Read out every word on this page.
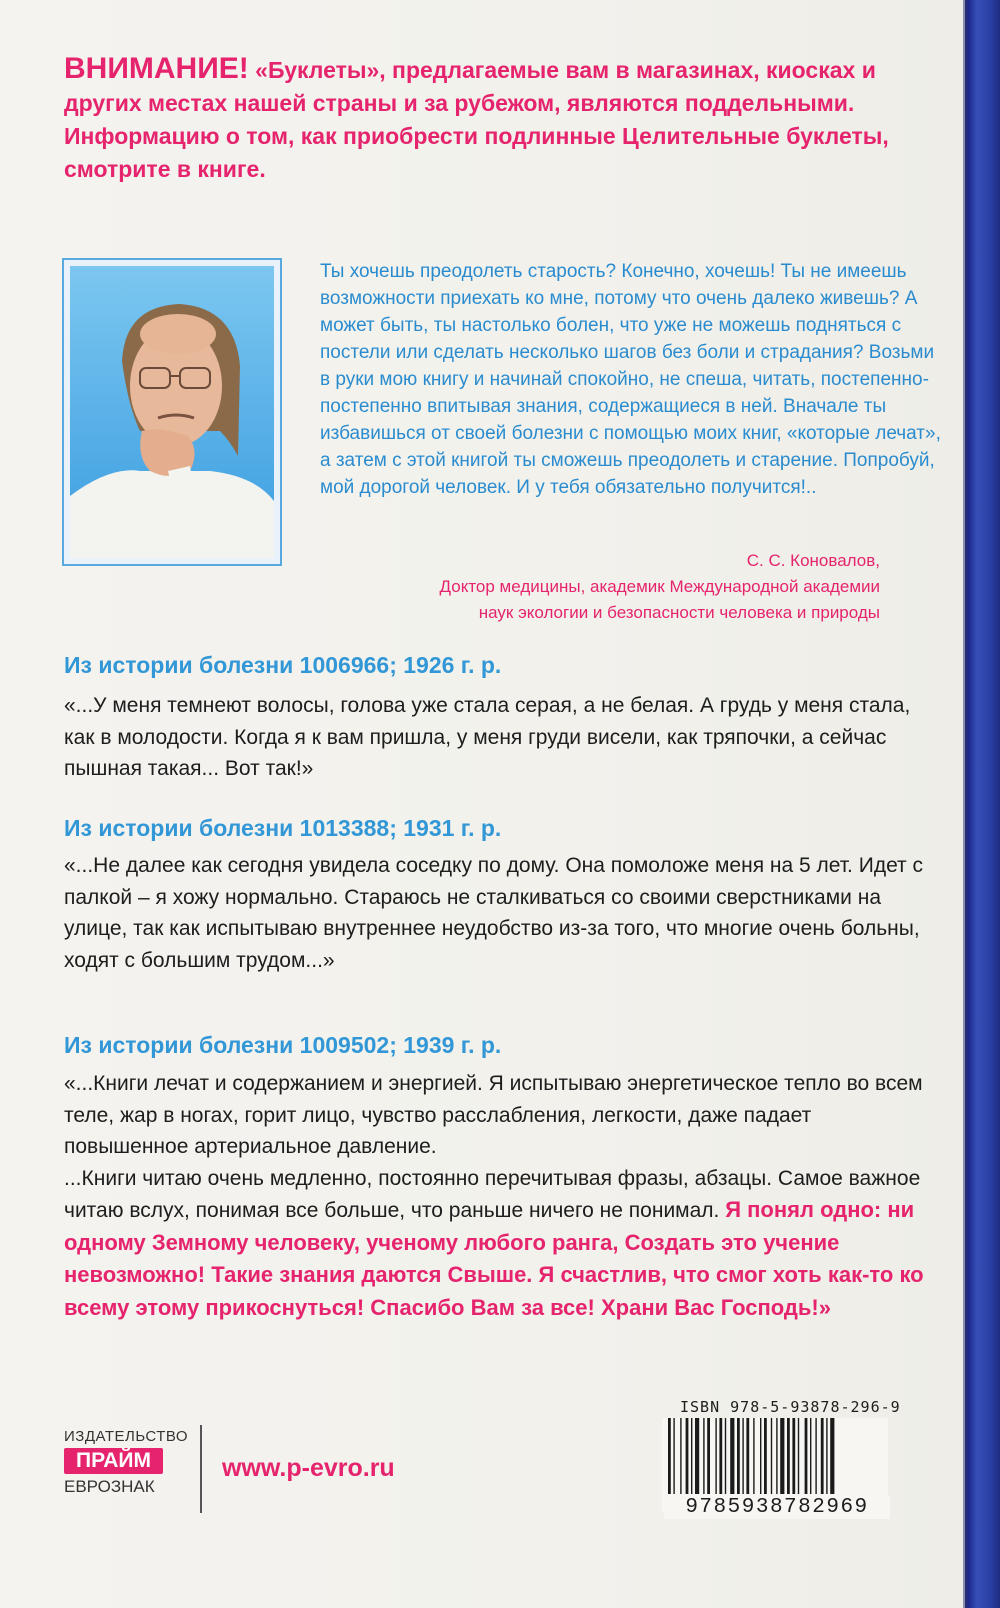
ВНИМАНИЕ! «Буклеты», предлагаемые вам в магазинах, киосках и других местах нашей страны и за рубежом, являются поддельными. Информацию о том, как приобрести подлинные Целительные буклеты, смотрите в книге.
Ты хочешь преодолеть старость? Конечно, хочешь! Ты не имеешь возможности приехать ко мне, потому что очень далеко живешь? А может быть, ты настолько болен, что уже не можешь подняться с постели или сделать несколько шагов без боли и страдания? Возьми в руки мою книгу и начинай спокойно, не спеша, читать, постепенно-постепенно впитывая знания, содержащиеся в ней. Вначале ты избавишься от своей болезни с помощью моих книг, «которые лечат», а затем с этой книгой ты сможешь преодолеть и старение. Попробуй, мой дорогой человек. И у тебя обязательно получится!..
С. С. Коновалов,
Доктор медицины, академик Международной академии
наук экологии и безопасности человека и природы
Из истории болезни 1006966; 1926 г. р.
«...У меня темнеют волосы, голова уже стала серая, а не белая. А грудь у меня стала, как в молодости. Когда я к вам пришла, у меня груди висели, как тряпочки, а сейчас пышная такая... Вот так!»
Из истории болезни 1013388; 1931 г. р.
«...Не далее как сегодня увидела соседку по дому. Она помоложе меня на 5 лет. Идет с палкой – я хожу нормально. Стараюсь не сталкиваться со своими сверстниками на улице, так как испытываю внутреннее неудобство из-за того, что многие очень больны, ходят с большим трудом...»
Из истории болезни 1009502; 1939 г. р.
«...Книги лечат и содержанием и энергией. Я испытываю энергетическое тепло во всем теле, жар в ногах, горит лицо, чувство расслабления, легкости, даже падает повышенное артериальное давление.
...Книги читаю очень медленно, постоянно перечитывая фразы, абзацы. Самое важное читаю вслух, понимая все больше, что раньше ничего не понимал. Я понял одно: ни одному Земному человеку, ученому любого ранга, Создать это учение невозможно! Такие знания даются Свыше. Я счастлив, что смог хоть как-то ко всему этому прикоснуться! Спасибо Вам за все! Храни Вас Господь!»
ИЗДАТЕЛЬСТВО
ПРАЙМ
ЕВРОЗНАК
www.p-evro.ru
ISBN 978-5-93878-296-9
9785938782969
